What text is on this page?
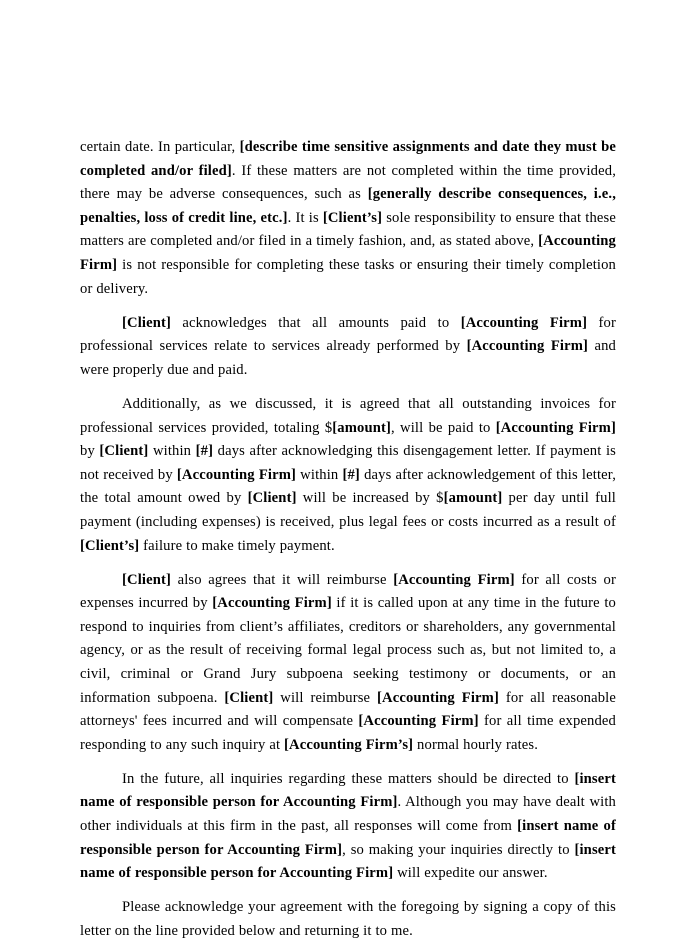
certain date. In particular, [describe time sensitive assignments and date they must be completed and/or filed]. If these matters are not completed within the time provided, there may be adverse consequences, such as [generally describe consequences, i.e., penalties, loss of credit line, etc.]. It is [Client’s] sole responsibility to ensure that these matters are completed and/or filed in a timely fashion, and, as stated above, [Accounting Firm] is not responsible for completing these tasks or ensuring their timely completion or delivery.

[Client] acknowledges that all amounts paid to [Accounting Firm] for professional services relate to services already performed by [Accounting Firm] and were properly due and paid.

Additionally, as we discussed, it is agreed that all outstanding invoices for professional services provided, totaling $[amount], will be paid to [Accounting Firm] by [Client] within [#] days after acknowledging this disengagement letter. If payment is not received by [Accounting Firm] within [#] days after acknowledgement of this letter, the total amount owed by [Client] will be increased by $[amount] per day until full payment (including expenses) is received, plus legal fees or costs incurred as a result of [Client’s] failure to make timely payment.

[Client] also agrees that it will reimburse [Accounting Firm] for all costs or expenses incurred by [Accounting Firm] if it is called upon at any time in the future to respond to inquiries from client’s affiliates, creditors or shareholders, any governmental agency, or as the result of receiving formal legal process such as, but not limited to, a civil, criminal or Grand Jury subpoena seeking testimony or documents, or an information subpoena. [Client] will reimburse [Accounting Firm] for all reasonable attorneys' fees incurred and will compensate [Accounting Firm] for all time expended responding to any such inquiry at [Accounting Firm’s] normal hourly rates.

In the future, all inquiries regarding these matters should be directed to [insert name of responsible person for Accounting Firm]. Although you may have dealt with other individuals at this firm in the past, all responses will come from [insert name of responsible person for Accounting Firm], so making your inquiries directly to [insert name of responsible person for Accounting Firm] will expedite our answer.

Please acknowledge your agreement with the foregoing by signing a copy of this letter on the line provided below and returning it to me.
